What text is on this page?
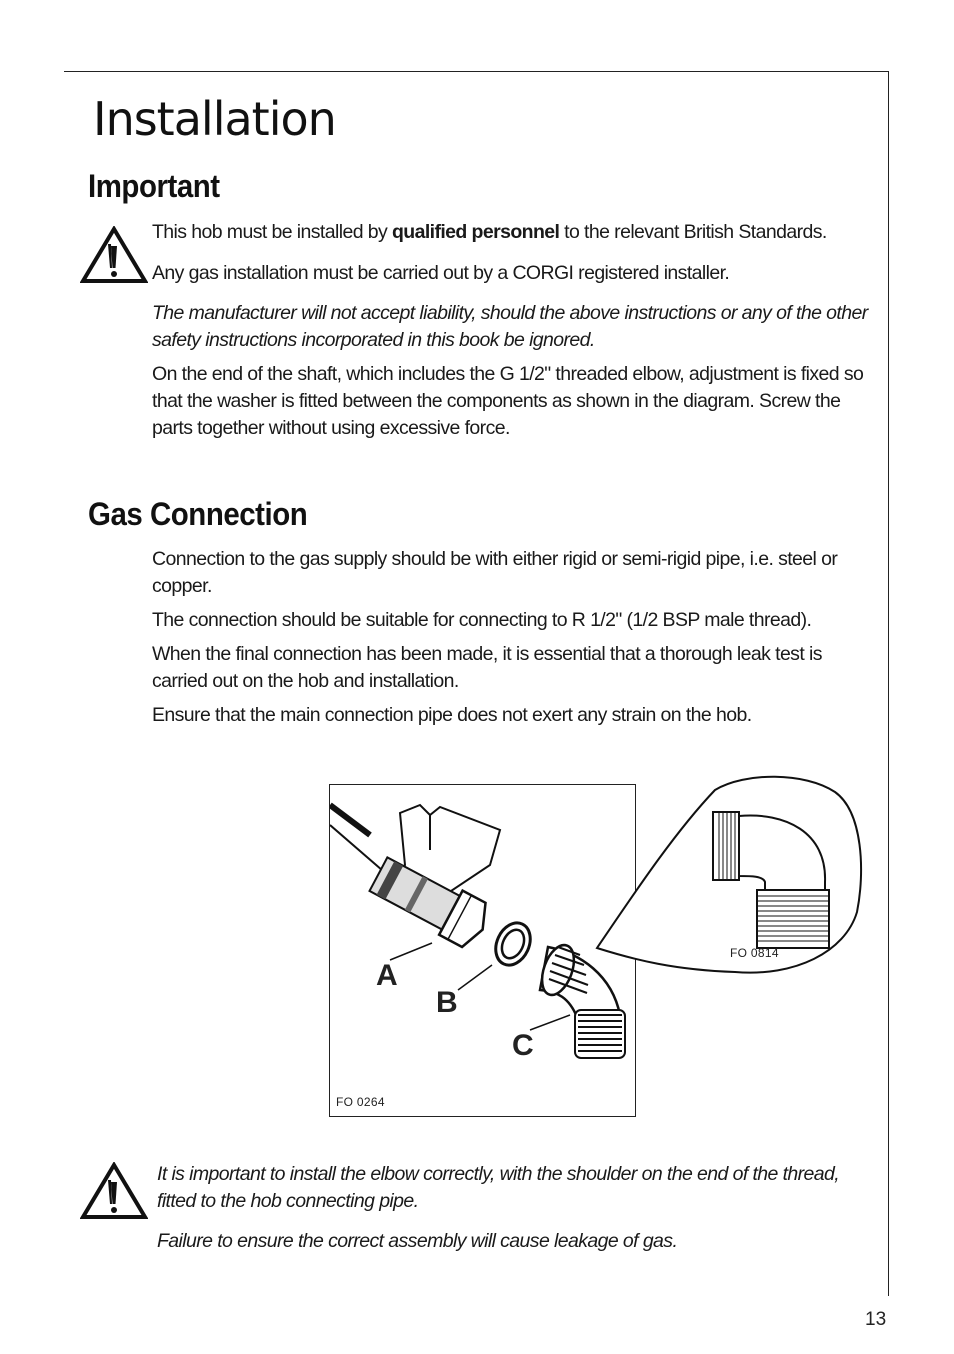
Installation
Important

This hob must be installed by qualified personnel to the relevant British Standards.

Any gas installation must be carried out by a CORGI registered installer.

The manufacturer will not accept liability, should the above instructions or any of the other safety instructions incorporated in this book be ignored.

On the end of the shaft, which includes the G 1/2" threaded elbow, adjustment is fixed so that the washer is fitted between the components as shown in the diagram. Screw the parts together without using excessive force.

Gas Connection

Connection to the gas supply should be with either rigid or semi-rigid pipe, i.e. steel or copper.

The connection should be suitable for connecting to R 1/2" (1/2 BSP male thread).

When the final connection has been made, it is essential that a thorough leak test is carried out on the hob and installation.

Ensure that the main connection pipe does not exert any strain on the hob.

A
B
C
FO 0264
FO 0814

It is important to install the elbow correctly, with the shoulder on the end of the thread, fitted to the hob connecting pipe.

Failure to ensure the correct assembly will cause leakage of gas.

13
